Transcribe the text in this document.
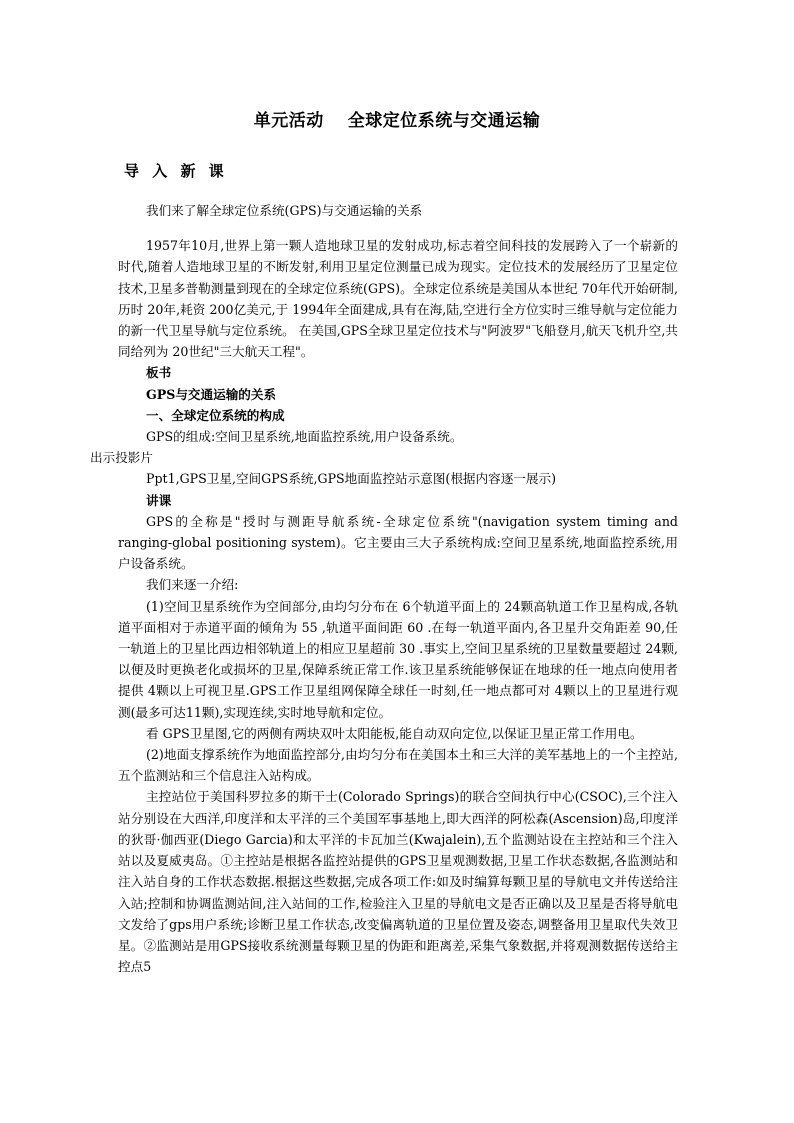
单元活动 全球定位系统与交通运输
导 入 新 课

我们来了解全球定位系统(GPS)与交通运输的关系

1957年10月,世界上第一颗人造地球卫星的发射成功,标志着空间科技的发展跨入了一个崭新的时代,随着人造地球卫星的不断发射,利用卫星定位测量已成为现实。定位技术的发展经历了卫星定位技术,卫星多普勒测量到现在的全球定位系统(GPS)。全球定位系统是美国从本世纪 70年代开始研制,历时 20年,耗资 200亿美元,于 1994年全面建成,具有在海,陆,空进行全方位实时三维导航与定位能力的新一代卫星导航与定位系统。 在美国,GPS全球卫星定位技术与"阿波罗"飞船登月,航天飞机升空,共同给列为 20世纪"三大航天工程"。

板书

GPS与交通运输的关系

一、全球定位系统的构成

GPS的组成:空间卫星系统,地面监控系统,用户设备系统。

出示投影片

Ppt1,GPS卫星,空间GPS系统,GPS地面监控站示意图(根据内容逐一展示)

讲课

GPS的全称是"授时与测距导航系统-全球定位系统"(navigation system timing and ranging-global positioning system)。它主要由三大子系统构成:空间卫星系统,地面监控系统,用户设备系统。

我们来逐一介绍:

(1)空间卫星系统作为空间部分,由均匀分布在 6个轨道平面上的 24颗高轨道工作卫星构成,各轨道平面相对于赤道平面的倾角为 55 ,轨道平面间距 60 .在每一轨道平面内,各卫星升交角距差 90,任一轨道上的卫星比西边相邻轨道上的相应卫星超前 30 .事实上,空间卫星系统的卫星数量要超过 24颗,以便及时更换老化或损坏的卫星,保障系统正常工作.该卫星系统能够保证在地球的任一地点向使用者提供 4颗以上可视卫星.GPS工作卫星组网保障全球任一时刻,任一地点都可对 4颗以上的卫星进行观测(最多可达11颗),实现连续,实时地导航和定位。

看 GPS卫星图,它的两侧有两块双叶太阳能板,能自动双向定位,以保证卫星正常工作用电。

(2)地面支撑系统作为地面监控部分,由均匀分布在美国本土和三大洋的美军基地上的一个主控站,五个监测站和三个信息注入站构成。

主控站位于美国科罗拉多的斯干士(Colorado Springs)的联合空间执行中心(CSOC),三个注入站分别设在大西洋,印度洋和太平洋的三个美国军事基地上,即大西洋的阿松森(Ascension)岛,印度洋的狄哥·伽西亚(Diego Garcia)和太平洋的卡瓦加兰(Kwajalein),五个监测站设在主控站和三个注入站以及夏威夷岛。①主控站是根据各监控站提供的GPS卫星观测数据,卫星工作状态数据,各监测站和注入站自身的工作状态数据.根据这些数据,完成各项工作:如及时编算每颗卫星的导航电文并传送给注入站;控制和协调监测站间,注入站间的工作,检验注入卫星的导航电文是否正确以及卫星是否将导航电文发给了gps用户系统;诊断卫星工作状态,改变偏离轨道的卫星位置及姿态,调整备用卫星取代失效卫星。②监测站是用GPS接收系统测量每颗卫星的伪距和距离差,采集气象数据,并将观测数据传送给主控点5
